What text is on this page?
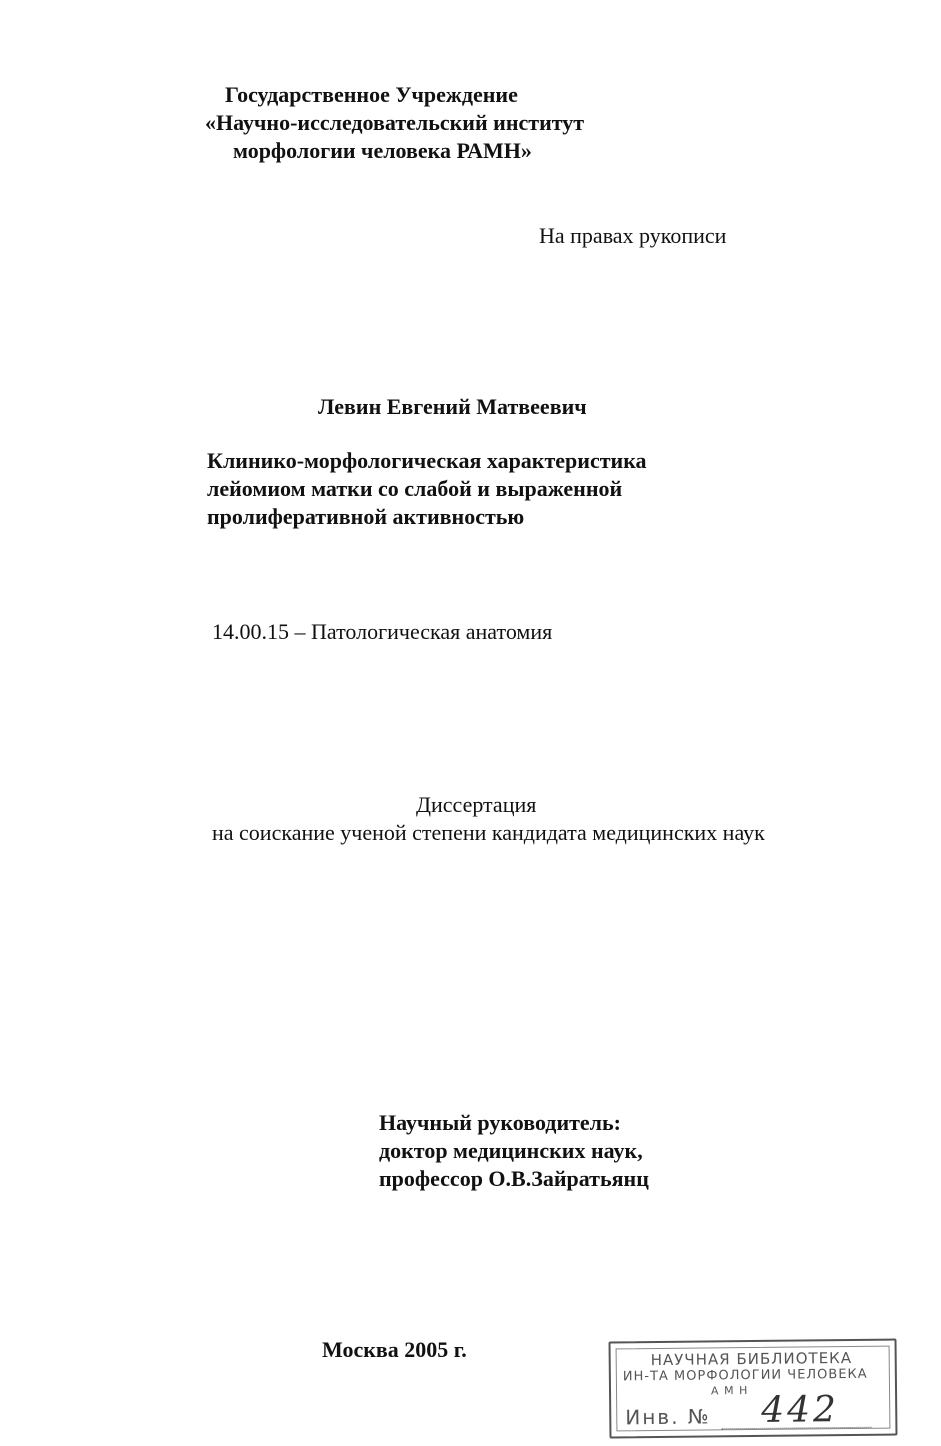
Государственное Учреждение
«Научно-исследовательский институт
морфологии человека РАМН»
На правах рукописи
Левин Евгений Матвеевич
Клинико-морфологическая характеристика
лейомиом матки со слабой и выраженной
пролиферативной активностью
14.00.15 – Патологическая анатомия
Диссертация
на соискание ученой степени кандидата медицинских наук
Научный руководитель:
доктор медицинских наук,
профессор О.В.Зайратьянц
Москва 2005 г.	НАУЧНАЯ БИБЛИОТЕКА
ИН-ТА МОРФОЛОГИИ ЧЕЛОВЕКА
А М Н
Инв. № 442
